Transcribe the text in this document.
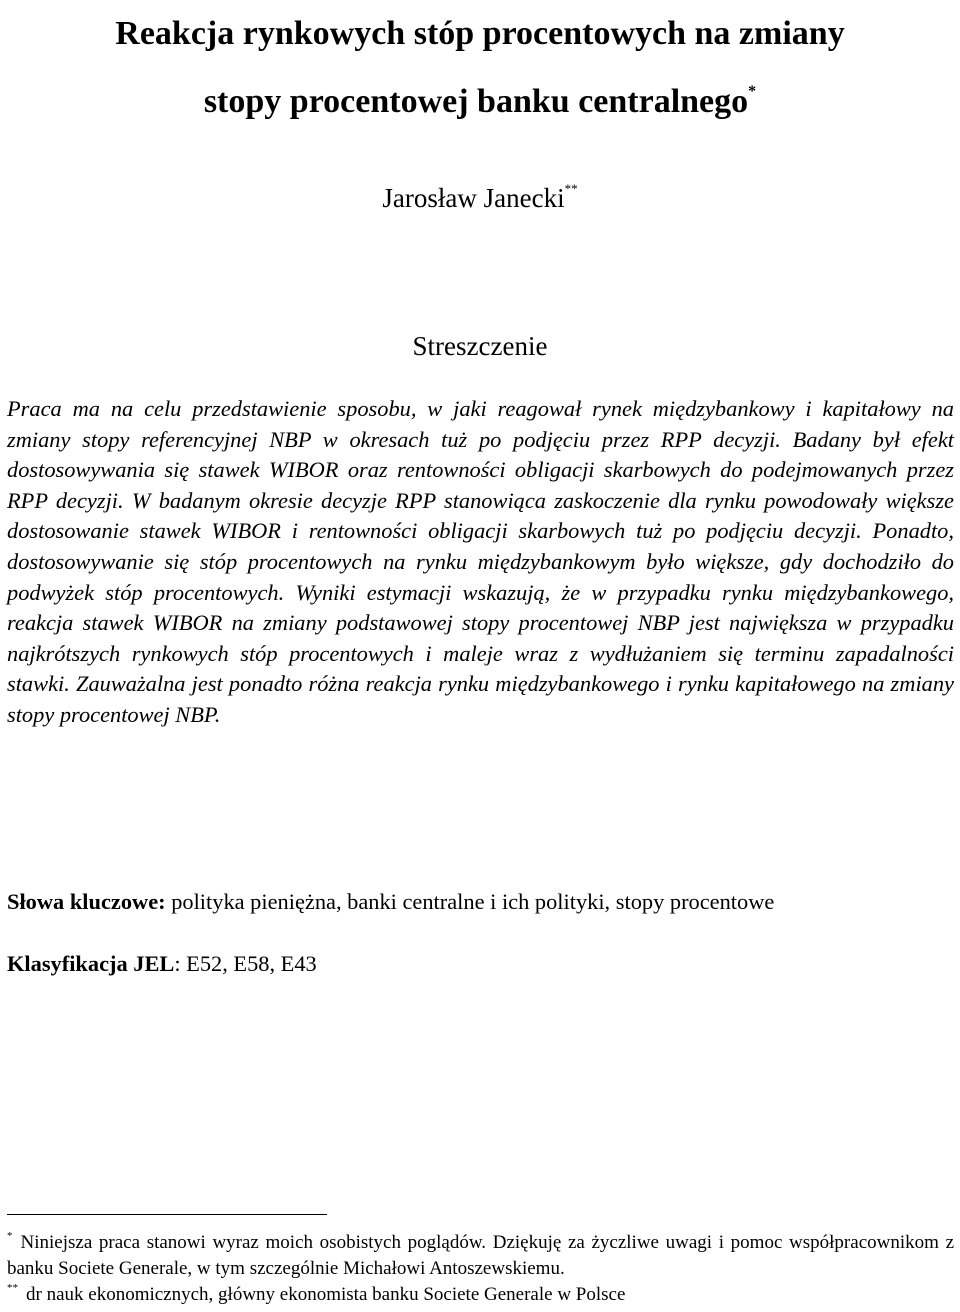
Reakcja rynkowych stóp procentowych na zmiany
stopy procentowej banku centralnego*
Jarosław Janecki**
Streszczenie

Praca ma na celu przedstawienie sposobu, w jaki reagował rynek międzybankowy i kapitałowy na zmiany stopy referencyjnej NBP w okresach tuż po podjęciu przez RPP decyzji. Badany był efekt dostosowywania się stawek WIBOR oraz rentowności obligacji skarbowych do podejmowanych przez RPP decyzji. W badanym okresie decyzje RPP stanowiąca zaskoczenie dla rynku powodowały większe dostosowanie stawek WIBOR i rentowności obligacji skarbowych tuż po podjęciu decyzji. Ponadto, dostosowywanie się stóp procentowych na rynku międzybankowym było większe, gdy dochodziło do podwyżek stóp procentowych. Wyniki estymacji wskazują, że w przypadku rynku międzybankowego, reakcja stawek WIBOR na zmiany podstawowej stopy procentowej NBP jest największa w przypadku najkrótszych rynkowych stóp procentowych i maleje wraz z wydłużaniem się terminu zapadalności stawki. Zauważalna jest ponadto różna reakcja rynku międzybankowego i rynku kapitałowego na zmiany stopy procentowej NBP.

Słowa kluczowe: polityka pieniężna, banki centralne i ich polityki, stopy procentowe

Klasyfikacja JEL: E52, E58, E43

* Niniejsza praca stanowi wyraz moich osobistych poglądów. Dziękuję za życzliwe uwagi i pomoc współpracownikom z banku Societe Generale, w tym szczególnie Michałowi Antoszewskiemu.
** dr nauk ekonomicznych, główny ekonomista banku Societe Generale w Polsce
